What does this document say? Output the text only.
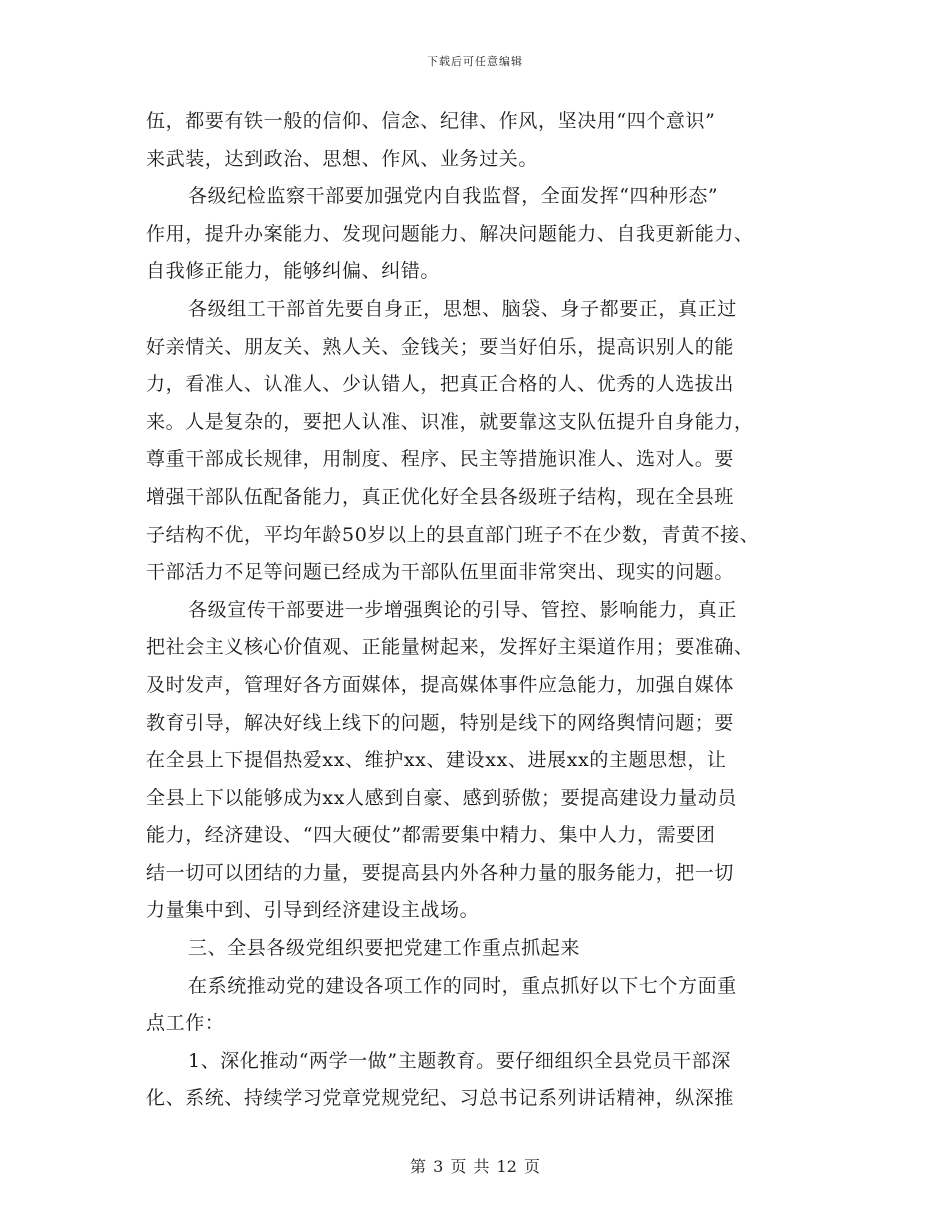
下载后可任意编辑
伍，都要有铁一般的信仰、信念、纪律、作风，坚决用“四个意识”
来武装，达到政治、思想、作风、业务过关。
各级纪检监察干部要加强党内自我监督，全面发挥“四种形态”
作用，提升办案能力、发现问题能力、解决问题能力、自我更新能力、
自我修正能力，能够纠偏、纠错。
各级组工干部首先要自身正，思想、脑袋、身子都要正，真正过
好亲情关、朋友关、熟人关、金钱关；要当好伯乐，提高识别人的能
力，看准人、认准人、少认错人，把真正合格的人、优秀的人选拔出
来。人是复杂的，要把人认准、识准，就要靠这支队伍提升自身能力，
尊重干部成长规律，用制度、程序、民主等措施识准人、选对人。要
增强干部队伍配备能力，真正优化好全县各级班子结构，现在全县班
子结构不优，平均年龄50岁以上的县直部门班子不在少数，青黄不接、
干部活力不足等问题已经成为干部队伍里面非常突出、现实的问题。
各级宣传干部要进一步增强舆论的引导、管控、影响能力，真正
把社会主义核心价值观、正能量树起来，发挥好主渠道作用；要准确、
及时发声，管理好各方面媒体，提高媒体事件应急能力，加强自媒体
教育引导，解决好线上线下的问题，特别是线下的网络舆情问题；要
在全县上下提倡热爱xx、维护xx、建设xx、进展xx的主题思想，让
全县上下以能够成为xx人感到自豪、感到骄傲；要提高建设力量动员
能力，经济建设、“四大硬仗”都需要集中精力、集中人力，需要团
结一切可以团结的力量，要提高县内外各种力量的服务能力，把一切
力量集中到、引导到经济建设主战场。
三、全县各级党组织要把党建工作重点抓起来
在系统推动党的建设各项工作的同时，重点抓好以下七个方面重
点工作：
1、深化推动“两学一做”主题教育。要仔细组织全县党员干部深
化、系统、持续学习党章党规党纪、习总书记系列讲话精神，纵深推
第 3 页 共 12 页
